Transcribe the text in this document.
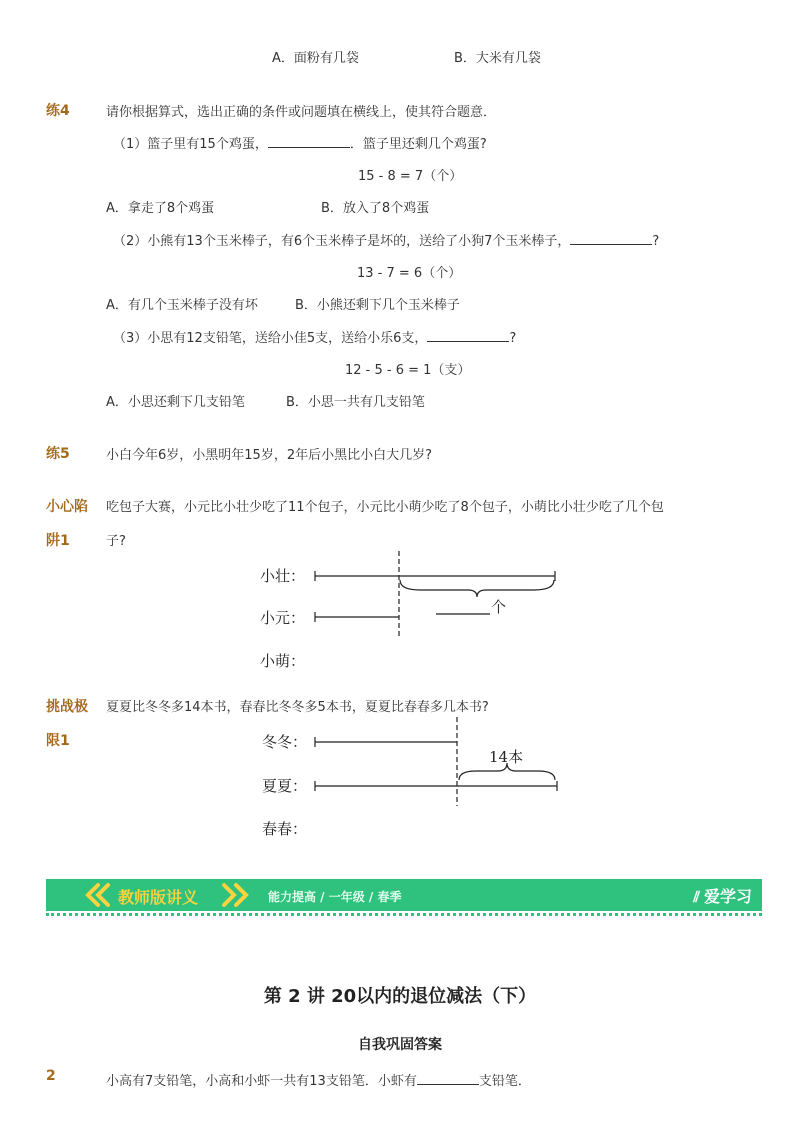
A．面粉有几袋	B．大米有几袋
练4	请你根据算式，选出正确的条件或问题填在横线上，使其符合题意．
（1）篮子里有15个鸡蛋，	．篮子里还剩几个鸡蛋?
15 - 8 = 7（个）
A．拿走了8个鸡蛋	B．放入了8个鸡蛋
（2）小熊有13个玉米棒子，有6个玉米棒子是坏的，送给了小狗7个玉米棒子，	?
13 - 7 = 6（个）
A．有几个玉米棒子没有坏	B．小熊还剩下几个玉米棒子
（3）小思有12支铅笔，送给小佳5支，送给小乐6支，	?
12 - 5 - 6 = 1（支）
A．小思还剩下几支铅笔	B．小思一共有几支铅笔
练5	小白今年6岁，小黑明年15岁，2年后小黑比小白大几岁?
小心陷
阱1
吃包子大赛，小元比小壮少吃了11个包子，小元比小萌少吃了8个包子，小萌比小壮少吃了几个包
子?
小壮：
小元：
小萌：
个
挑战极
限1
夏夏比冬冬多14本书，春春比冬冬多5本书，夏夏比春春多几本书?
冬冬：
夏夏：
春春：
14本
教师版讲义	能力提高 / 一年级 / 春季	⫽ 爱学习
第 2 讲 20以内的退位减法（下）
自我巩固答案
2	小高有7支铅笔，小高和小虾一共有13支铅笔．小虾有	支铅笔．
